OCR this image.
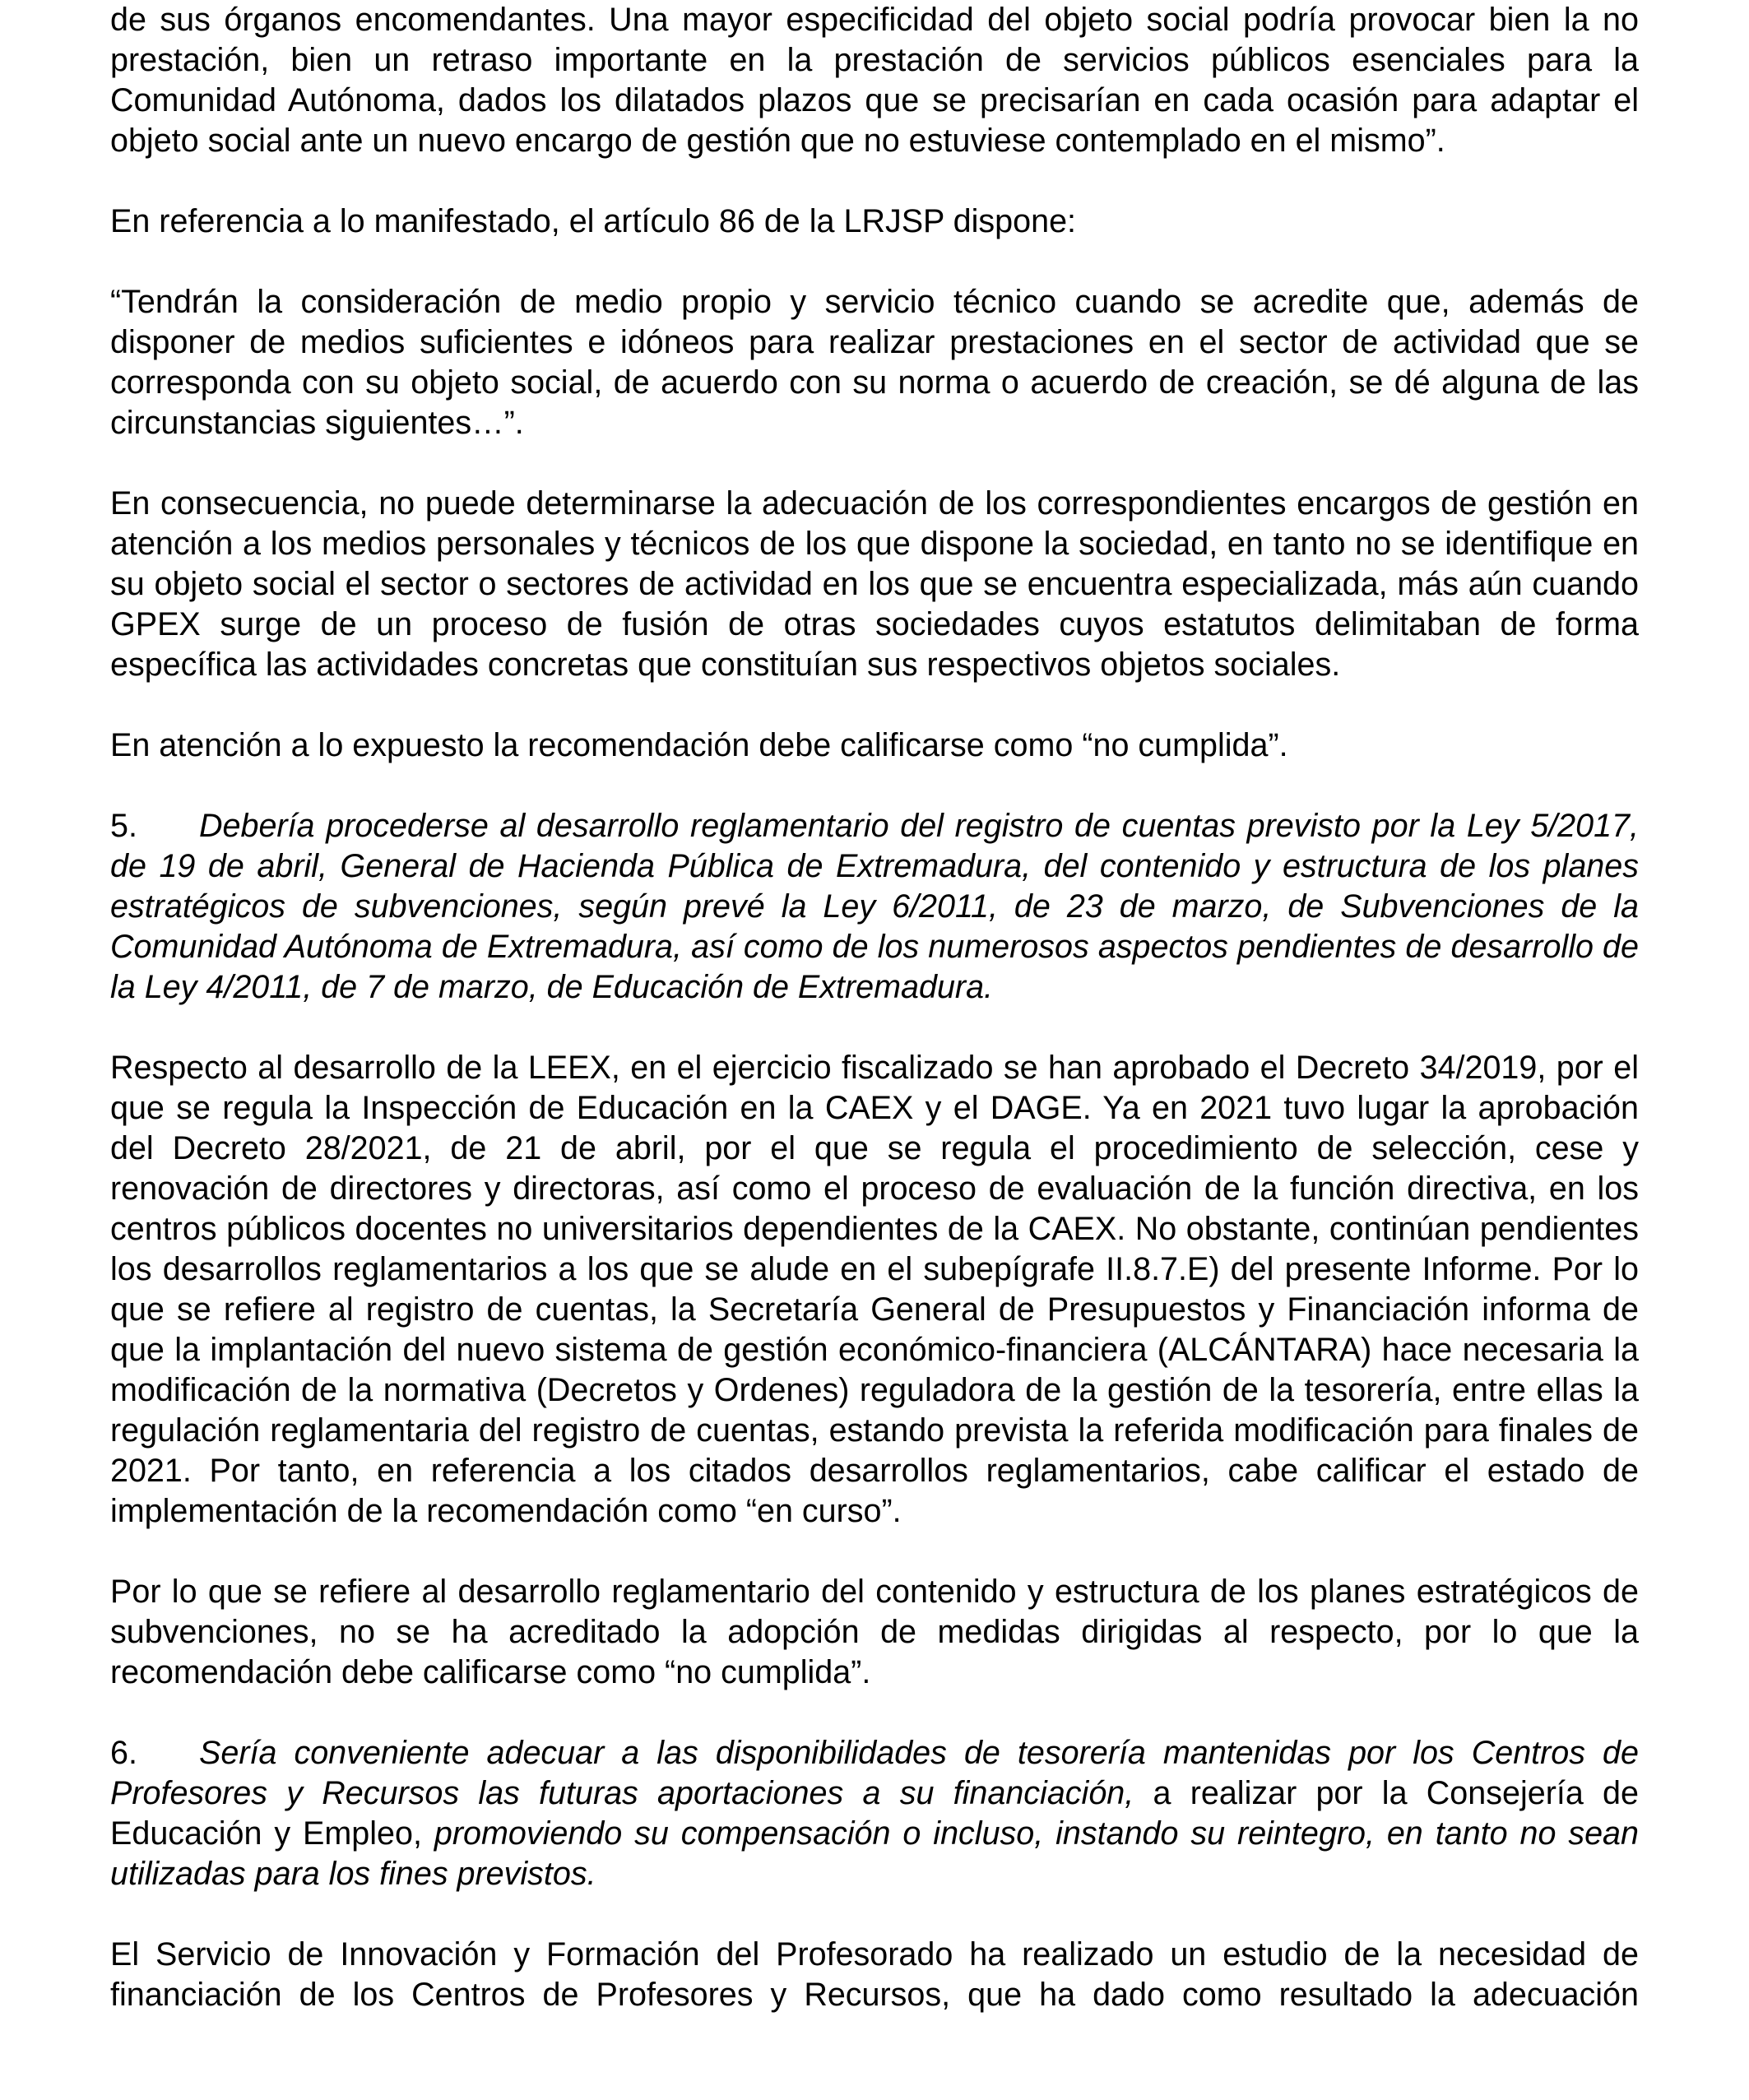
de sus órganos encomendantes. Una mayor especificidad del objeto social podría provocar bien la no prestación, bien un retraso importante en la prestación de servicios públicos esenciales para la Comunidad Autónoma, dados los dilatados plazos que se precisarían en cada ocasión para adaptar el objeto social ante un nuevo encargo de gestión que no estuviese contemplado en el mismo”.

En referencia a lo manifestado, el artículo 86 de la LRJSP dispone:

“Tendrán la consideración de medio propio y servicio técnico cuando se acredite que, además de disponer de medios suficientes e idóneos para realizar prestaciones en el sector de actividad que se corresponda con su objeto social, de acuerdo con su norma o acuerdo de creación, se dé alguna de las circunstancias siguientes…”.

En consecuencia, no puede determinarse la adecuación de los correspondientes encargos de gestión en atención a los medios personales y técnicos de los que dispone la sociedad, en tanto no se identifique en su objeto social el sector o sectores de actividad en los que se encuentra especializada, más aún cuando GPEX surge de un proceso de fusión de otras sociedades cuyos estatutos delimitaban de forma específica las actividades concretas que constituían sus respectivos objetos sociales.

En atención a lo expuesto la recomendación debe calificarse como “no cumplida”.

5. Debería procederse al desarrollo reglamentario del registro de cuentas previsto por la Ley 5/2017, de 19 de abril, General de Hacienda Pública de Extremadura, del contenido y estructura de los planes estratégicos de subvenciones, según prevé la Ley 6/2011, de 23 de marzo, de Subvenciones de la Comunidad Autónoma de Extremadura, así como de los numerosos aspectos pendientes de desarrollo de la Ley 4/2011, de 7 de marzo, de Educación de Extremadura.

Respecto al desarrollo de la LEEX, en el ejercicio fiscalizado se han aprobado el Decreto 34/2019, por el que se regula la Inspección de Educación en la CAEX y el DAGE. Ya en 2021 tuvo lugar la aprobación del Decreto 28/2021, de 21 de abril, por el que se regula el procedimiento de selección, cese y renovación de directores y directoras, así como el proceso de evaluación de la función directiva, en los centros públicos docentes no universitarios dependientes de la CAEX. No obstante, continúan pendientes los desarrollos reglamentarios a los que se alude en el subepígrafe II.8.7.E) del presente Informe. Por lo que se refiere al registro de cuentas, la Secretaría General de Presupuestos y Financiación informa de que la implantación del nuevo sistema de gestión económico-financiera (ALCÁNTARA) hace necesaria la modificación de la normativa (Decretos y Ordenes) reguladora de la gestión de la tesorería, entre ellas la regulación reglamentaria del registro de cuentas, estando prevista la referida modificación para finales de 2021. Por tanto, en referencia a los citados desarrollos reglamentarios, cabe calificar el estado de implementación de la recomendación como “en curso”.

Por lo que se refiere al desarrollo reglamentario del contenido y estructura de los planes estratégicos de subvenciones, no se ha acreditado la adopción de medidas dirigidas al respecto, por lo que la recomendación debe calificarse como “no cumplida”.

6. Sería conveniente adecuar a las disponibilidades de tesorería mantenidas por los Centros de Profesores y Recursos las futuras aportaciones a su financiación, a realizar por la Consejería de Educación y Empleo, promoviendo su compensación o incluso, instando su reintegro, en tanto no sean utilizadas para los fines previstos.

El Servicio de Innovación y Formación del Profesorado ha realizado un estudio de la necesidad de financiación de los Centros de Profesores y Recursos, que ha dado como resultado la adecuación
